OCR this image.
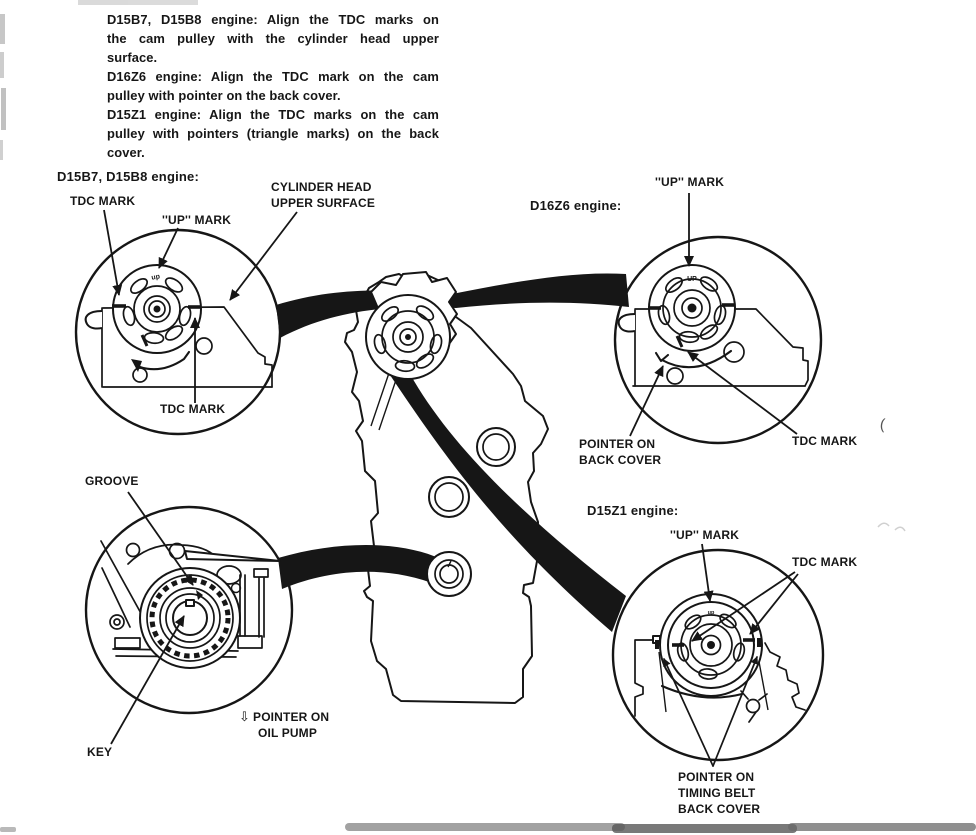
up	UP
up
D15B7, D15B8 engine: Align the TDC marks on
the cam pulley with the cylinder head upper
surface.
D16Z6 engine: Align the TDC mark on the cam
pulley with pointer on the back cover.
D15Z1 engine: Align the TDC marks on the cam
pulley with pointers (triangle marks) on the back
cover.
D15B7, D15B8 engine:
TDC MARK
''UP'' MARK
CYLINDER HEAD
UPPER SURFACE
TDC MARK
D16Z6 engine:
''UP'' MARK
POINTER ON
BACK COVER
TDC MARK
D15Z1 engine:
''UP'' MARK
TDC MARK
POINTER ON
TIMING BELT
BACK COVER
GROOVE
KEY
⇩ POINTER ON
OIL PUMP
(
